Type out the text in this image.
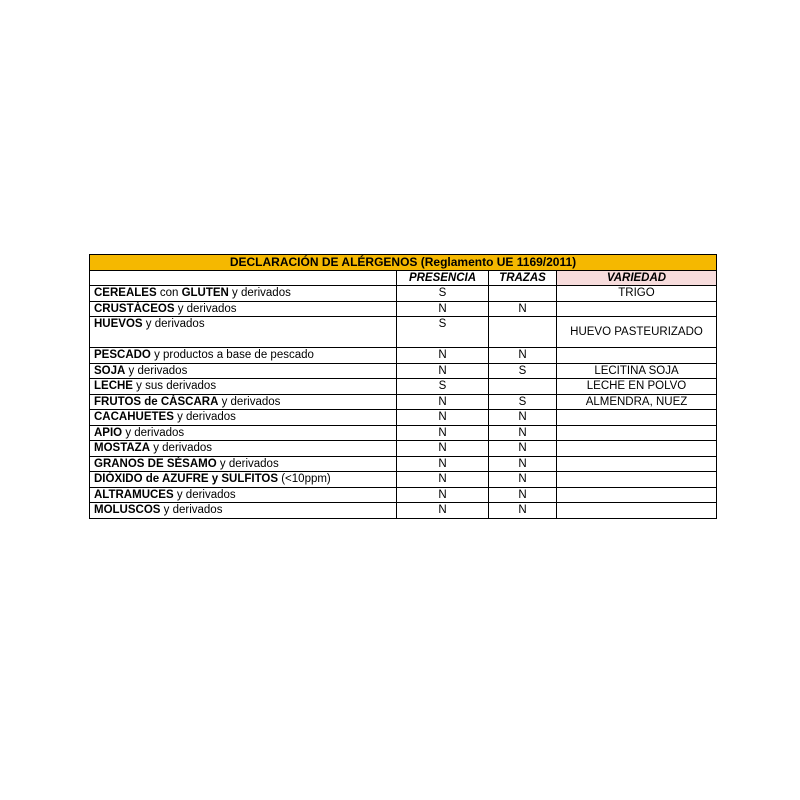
DECLARACIÓN DE ALÉRGENOS (Reglamento UE 1169/2011)			
	PRESENCIA	TRAZAS	VARIEDAD
CEREALES con GLUTEN y derivados	S		TRIGO
CRUSTÁCEOS y derivados	N	N	
HUEVOS y derivados	S		HUEVO PASTEURIZADO
PESCADO y productos a base de pescado	N	N	
SOJA y derivados	N	S	LECITINA SOJA
LECHE y sus derivados	S		LECHE EN POLVO
FRUTOS de CÁSCARA y derivados	N	S	ALMENDRA, NUEZ
CACAHUETES y derivados	N	N	
APIO y derivados	N	N	
MOSTAZA y derivados	N	N	
GRANOS DE SÉSAMO y derivados	N	N	
DIÓXIDO de AZUFRE y SULFITOS (<10ppm)	N	N	
ALTRAMUCES y derivados	N	N	
MOLUSCOS y derivados	N	N	
